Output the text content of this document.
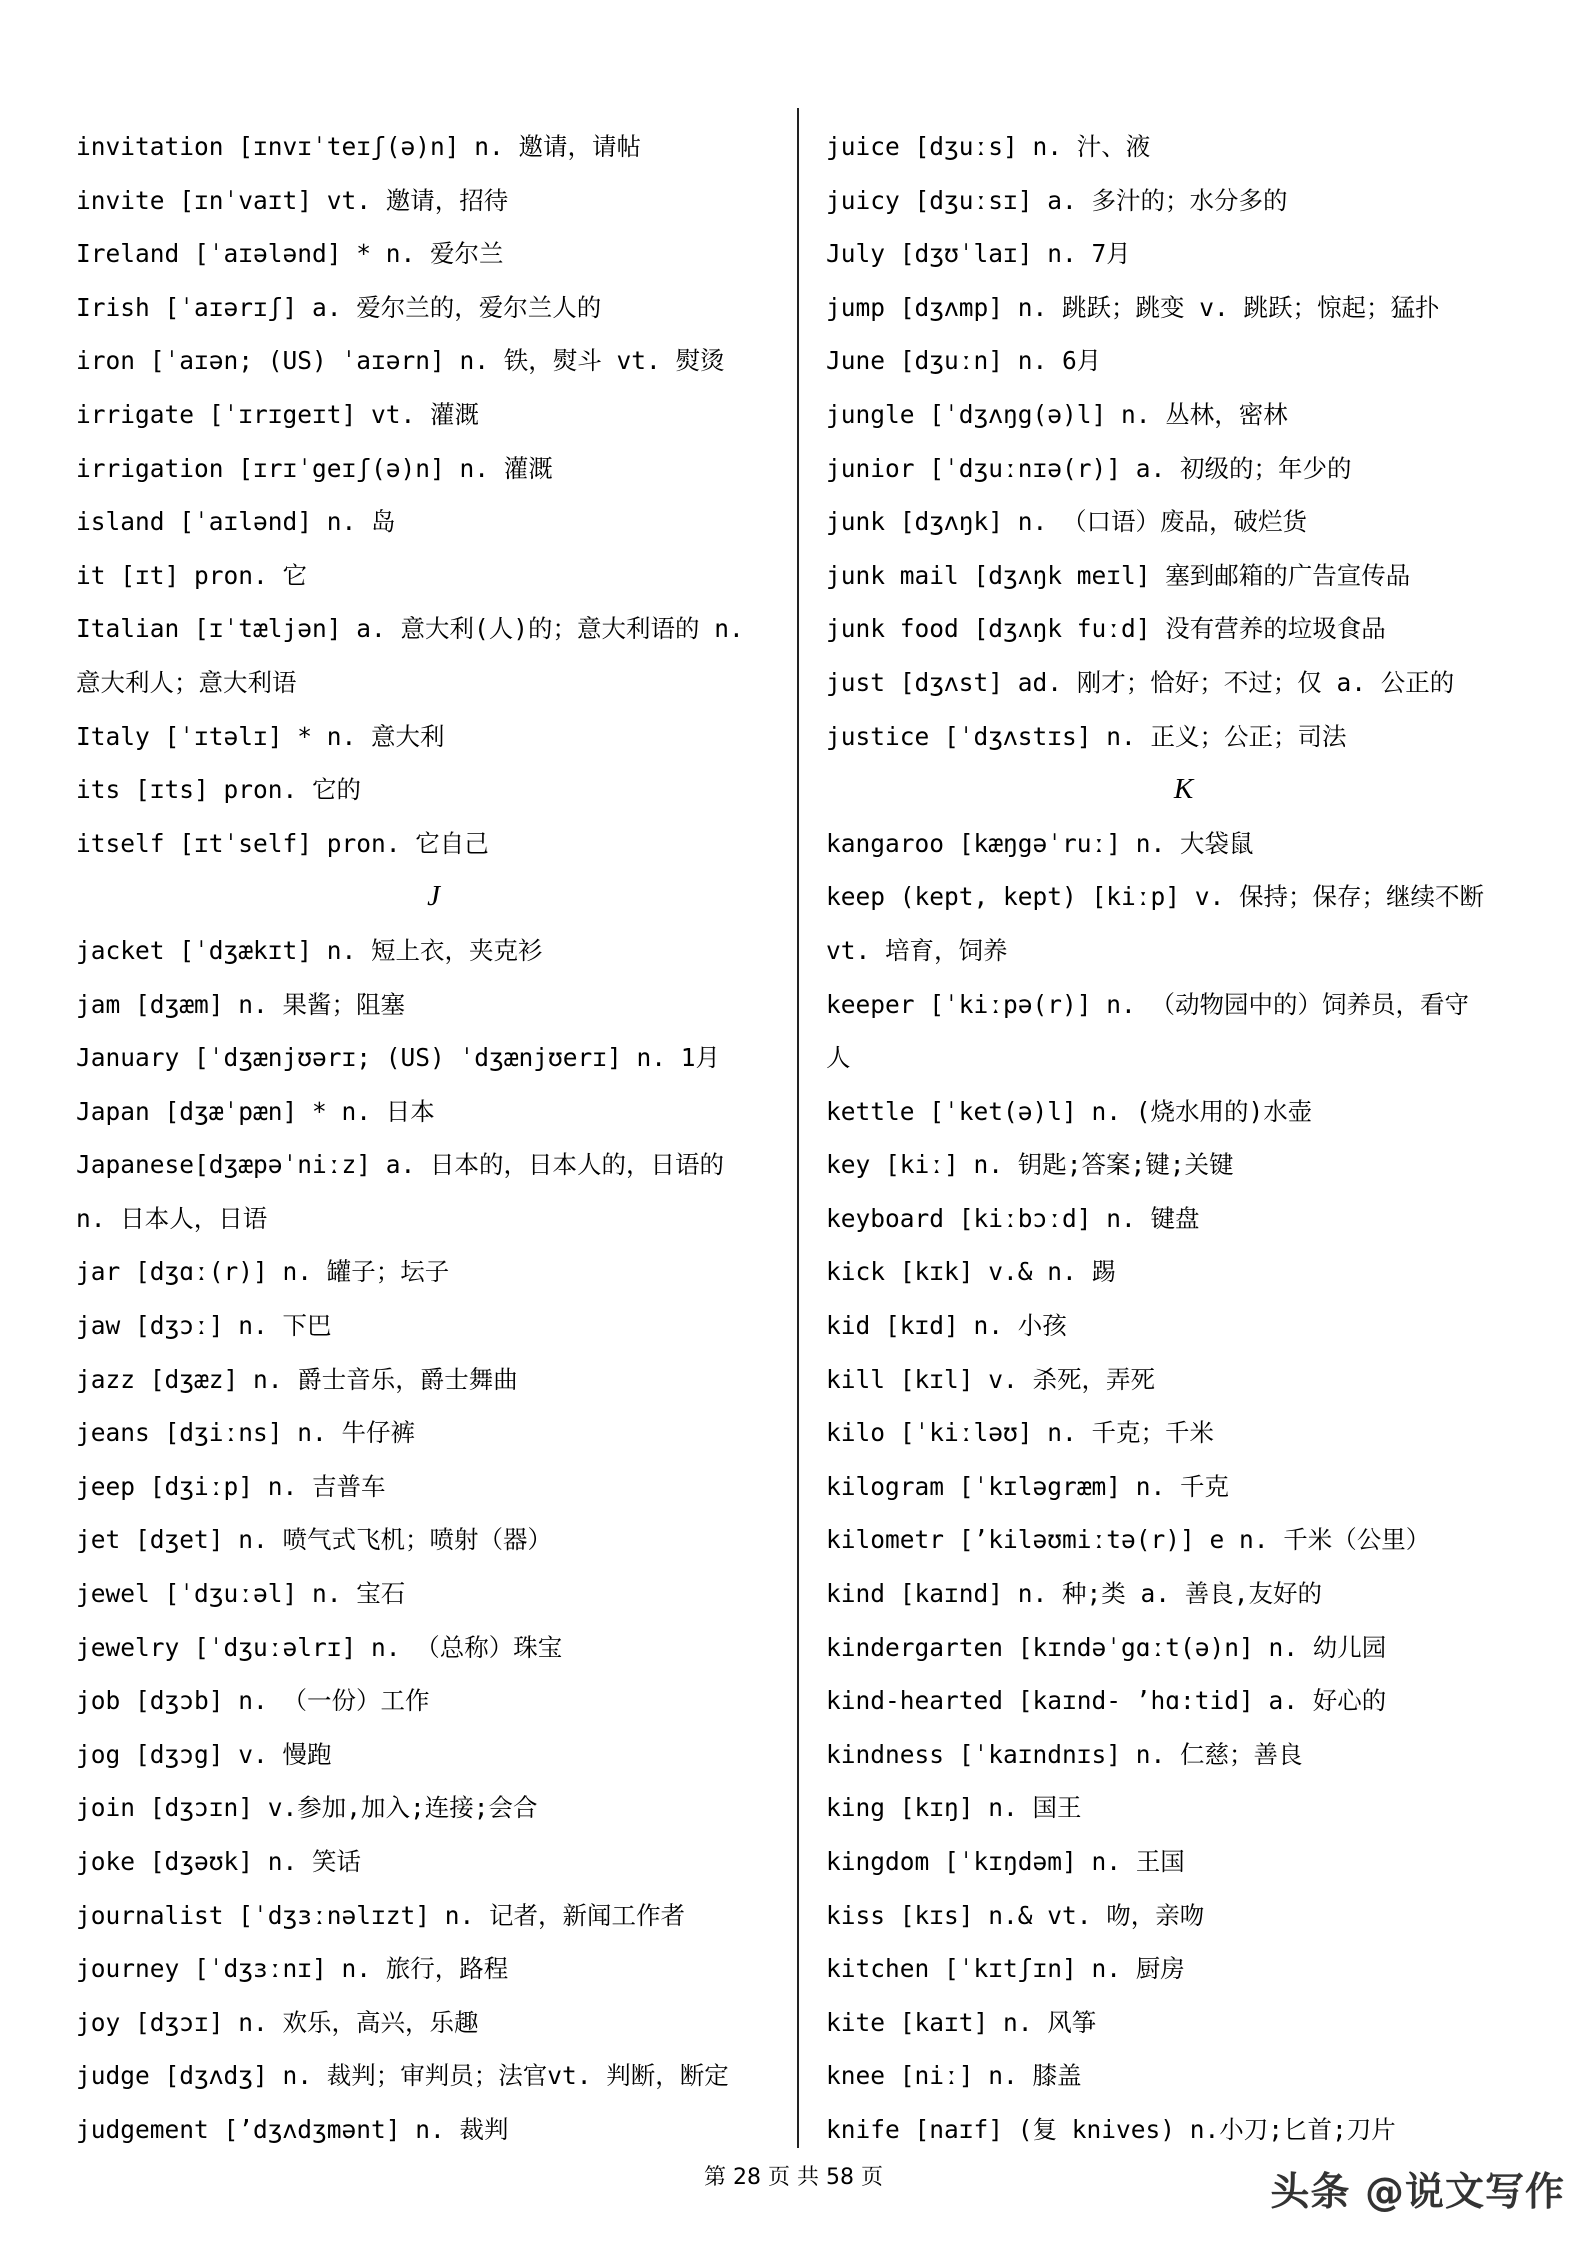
invitation [ɪnvɪˈteɪʃ(ə)n] n. 邀请，请帖
invite [ɪnˈvaɪt] vt. 邀请，招待
Ireland [ˈaɪələnd] * n. 爱尔兰
Irish [ˈaɪərɪʃ] a. 爱尔兰的，爱尔兰人的
iron [ˈaɪən; (US) ˈaɪərn] n. 铁，熨斗 vt. 熨烫
irrigate [ˈɪrɪgeɪt] vt. 灌溉
irrigation [ɪrɪˈgeɪʃ(ə)n] n. 灌溉
island [ˈaɪlənd] n. 岛
it [ɪt] pron. 它
Italian [ɪˈtæljən] a. 意大利(人)的；意大利语的 n.
意大利人；意大利语
Italy [ˈɪtəlɪ] * n. 意大利
its [ɪts] pron. 它的
itself [ɪtˈself] pron. 它自己
J
jacket [ˈdʒækɪt] n. 短上衣，夹克衫
jam [dʒæm] n. 果酱；阻塞
January [ˈdʒænjʊərɪ; (US) ˈdʒænjʊerɪ] n. 1月
Japan [dʒæˈpæn] * n. 日本
Japanese[dʒæpəˈniːz] a. 日本的，日本人的，日语的
n. 日本人，日语
jar [dʒɑː(r)] n. 罐子；坛子
jaw [dʒɔː] n. 下巴
jazz [dʒæz] n. 爵士音乐，爵士舞曲
jeans [dʒiːns] n. 牛仔裤
jeep [dʒiːp] n. 吉普车
jet [dʒet] n. 喷气式飞机；喷射（器）
jewel [ˈdʒuːəl] n. 宝石
jewelry [ˈdʒuːəlrɪ] n. （总称）珠宝
job [dʒɔb] n. （一份）工作
jog [dʒɔg] v. 慢跑
join [dʒɔɪn] v.参加,加入;连接;会合
joke [dʒəʊk] n. 笑话
journalist [ˈdʒɜːnəlɪzt] n. 记者，新闻工作者
journey [ˈdʒɜːnɪ] n. 旅行，路程
joy [dʒɔɪ] n. 欢乐，高兴，乐趣
judge [dʒʌdʒ] n. 裁判；审判员；法官vt. 判断，断定
judgement [’dʒʌdʒmənt] n. 裁判
juice [dʒuːs] n. 汁、液
juicy [dʒuːsɪ] a. 多汁的；水分多的
July [dʒʊˈlaɪ] n. 7月
jump [dʒʌmp] n. 跳跃；跳变 v. 跳跃；惊起；猛扑
June [dʒuːn] n. 6月
jungle [ˈdʒʌŋg(ə)l] n. 丛林，密林
junior [ˈdʒuːnɪə(r)] a. 初级的；年少的
junk [dʒʌŋk] n. （口语）废品，破烂货
junk mail [dʒʌŋk meɪl] 塞到邮箱的广告宣传品
junk food [dʒʌŋk fuːd] 没有营养的垃圾食品
just [dʒʌst] ad. 刚才；恰好；不过；仅 a. 公正的
justice [ˈdʒʌstɪs] n. 正义；公正；司法
K
kangaroo [kæŋgəˈruː] n. 大袋鼠
keep (kept, kept) [kiːp] v. 保持；保存；继续不断
vt. 培育，饲养
keeper [ˈkiːpə(r)] n. （动物园中的）饲养员，看守
人
kettle [ˈket(ə)l] n. (烧水用的)水壶
key [kiː] n. 钥匙;答案;键;关键
keyboard [kiːbɔːd] n. 键盘
kick [kɪk] v.& n. 踢
kid [kɪd] n. 小孩
kill [kɪl] v. 杀死，弄死
kilo [ˈkiːləʊ] n. 千克；千米
kilogram [ˈkɪləgræm] n. 千克
kilometr [’kiləʊmiːtə(r)] e n. 千米（公里）
kind [kaɪnd] n. 种;类 a. 善良,友好的
kindergarten [kɪndəˈgɑːt(ə)n] n. 幼儿园
kind-hearted [kaɪnd- ’hɑ:tid] a. 好心的
kindness [ˈkaɪndnɪs] n. 仁慈；善良
king [kɪŋ] n. 国王
kingdom [ˈkɪŋdəm] n. 王国
kiss [kɪs] n.& vt. 吻，亲吻
kitchen [ˈkɪtʃɪn] n. 厨房
kite [kaɪt] n. 风筝
knee [niː] n. 膝盖
knife [naɪf] (复 knives) n.小刀;匕首;刀片
第 28 页 共 58 页	头条 @说文写作
